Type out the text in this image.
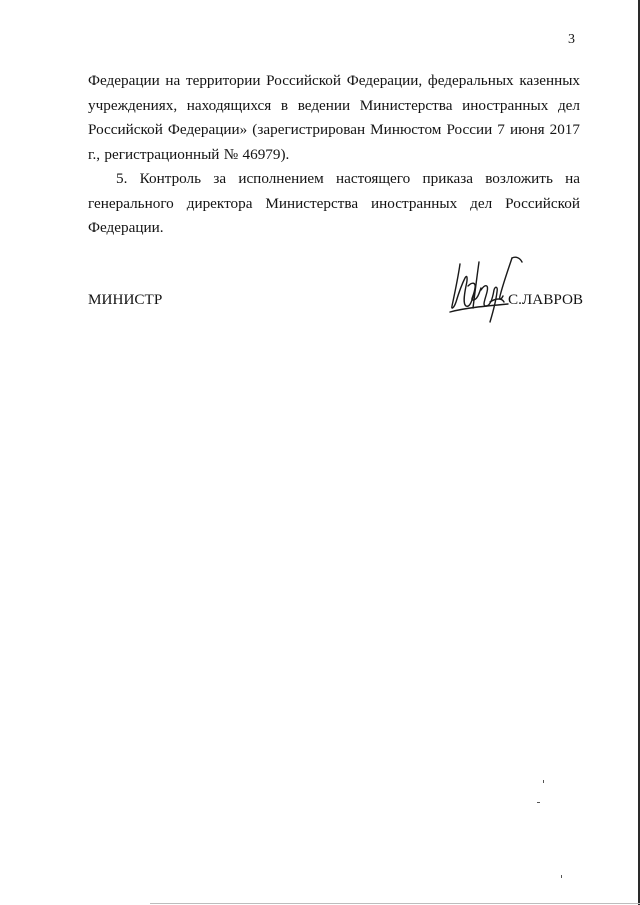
3

Федерации на территории Российской Федерации, федеральных казенных учреждениях, находящихся в ведении Министерства иностранных дел Российской Федерации» (зарегистрирован Минюстом России 7 июня 2017 г., регистрационный № 46979).

5. Контроль за исполнением настоящего приказа возложить на генерального директора Министерства иностранных дел Российской Федерации.

МИНИСТР	С.ЛАВРОВ
